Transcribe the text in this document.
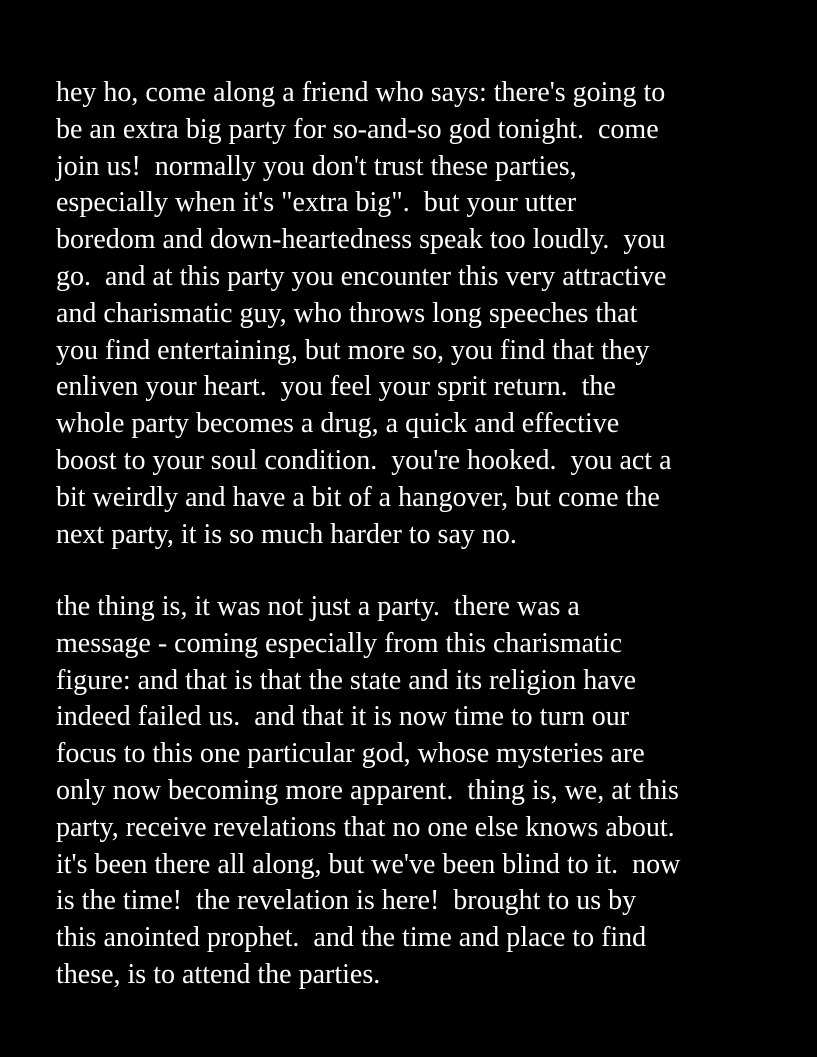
hey ho, come along a friend who says: there's going to
be an extra big party for so-and-so god tonight.  come
join us!  normally you don't trust these parties,
especially when it's "extra big".  but your utter
boredom and down-heartedness speak too loudly.  you
go.  and at this party you encounter this very attractive
and charismatic guy, who throws long speeches that
you find entertaining, but more so, you find that they
enliven your heart.  you feel your sprit return.  the
whole party becomes a drug, a quick and effective
boost to your soul condition.  you're hooked.  you act a
bit weirdly and have a bit of a hangover, but come the
next party, it is so much harder to say no.

the thing is, it was not just a party.  there was a
message - coming especially from this charismatic
figure: and that is that the state and its religion have
indeed failed us.  and that it is now time to turn our
focus to this one particular god, whose mysteries are
only now becoming more apparent.  thing is, we, at this
party, receive revelations that no one else knows about.
it's been there all along, but we've been blind to it.  now
is the time!  the revelation is here!  brought to us by
this anointed prophet.  and the time and place to find
these, is to attend the parties.
